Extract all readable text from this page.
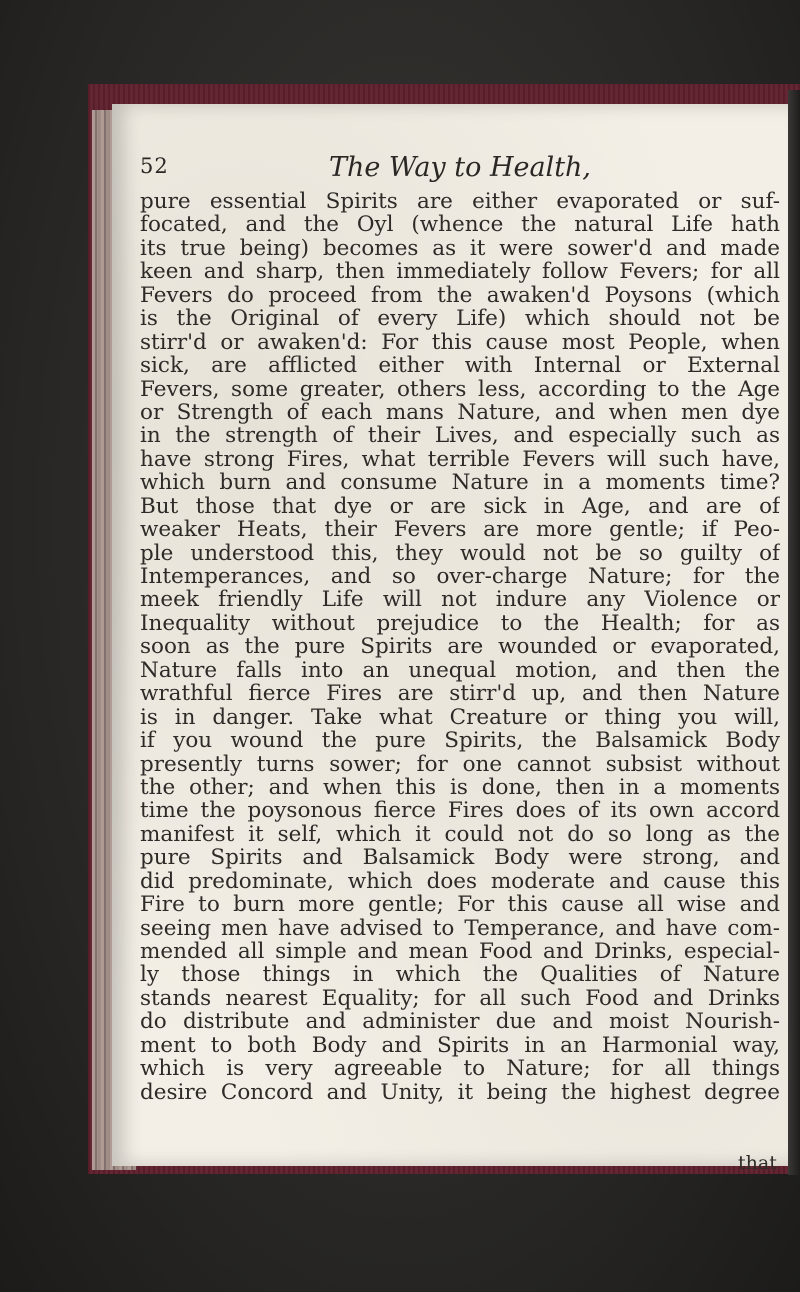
52	The Way to Health,
pure essential Spirits are either evaporated or suf-
focated, and the Oyl (whence the natural Life hath
its true being) becomes as it were sower'd and made
keen and sharp, then immediately follow Fevers; for all
Fevers do proceed from the awaken'd Poysons (which
is the Original of every Life) which should not be
stirr'd or awaken'd: For this cause most People, when
sick, are afflicted either with Internal or External
Fevers, some greater, others less, according to the Age
or Strength of each mans Nature, and when men dye
in the strength of their Lives, and especially such as
have strong Fires, what terrible Fevers will such have,
which burn and consume Nature in a moments time?
But those that dye or are sick in Age, and are of
weaker Heats, their Fevers are more gentle; if Peo-
ple understood this, they would not be so guilty of
Intemperances, and so over-charge Nature; for the
meek friendly Life will not indure any Violence or
Inequality without prejudice to the Health; for as
soon as the pure Spirits are wounded or evaporated,
Nature falls into an unequal motion, and then the
wrathful fierce Fires are stirr'd up, and then Nature
is in danger. Take what Creature or thing you will,
if you wound the pure Spirits, the Balsamick Body
presently turns sower; for one cannot subsist without
the other; and when this is done, then in a moments
time the poysonous fierce Fires does of its own accord
manifest it self, which it could not do so long as the
pure Spirits and Balsamick Body were strong, and
did predominate, which does moderate and cause this
Fire to burn more gentle; For this cause all wise and
seeing men have advised to Temperance, and have com-
mended all simple and mean Food and Drinks, especial-
ly those things in which the Qualities of Nature
stands nearest Equality; for all such Food and Drinks
do distribute and administer due and moist Nourish-
ment to both Body and Spirits in an Harmonial way,
which is very agreeable to Nature; for all things
desire Concord and Unity, it being the highest degree
that
